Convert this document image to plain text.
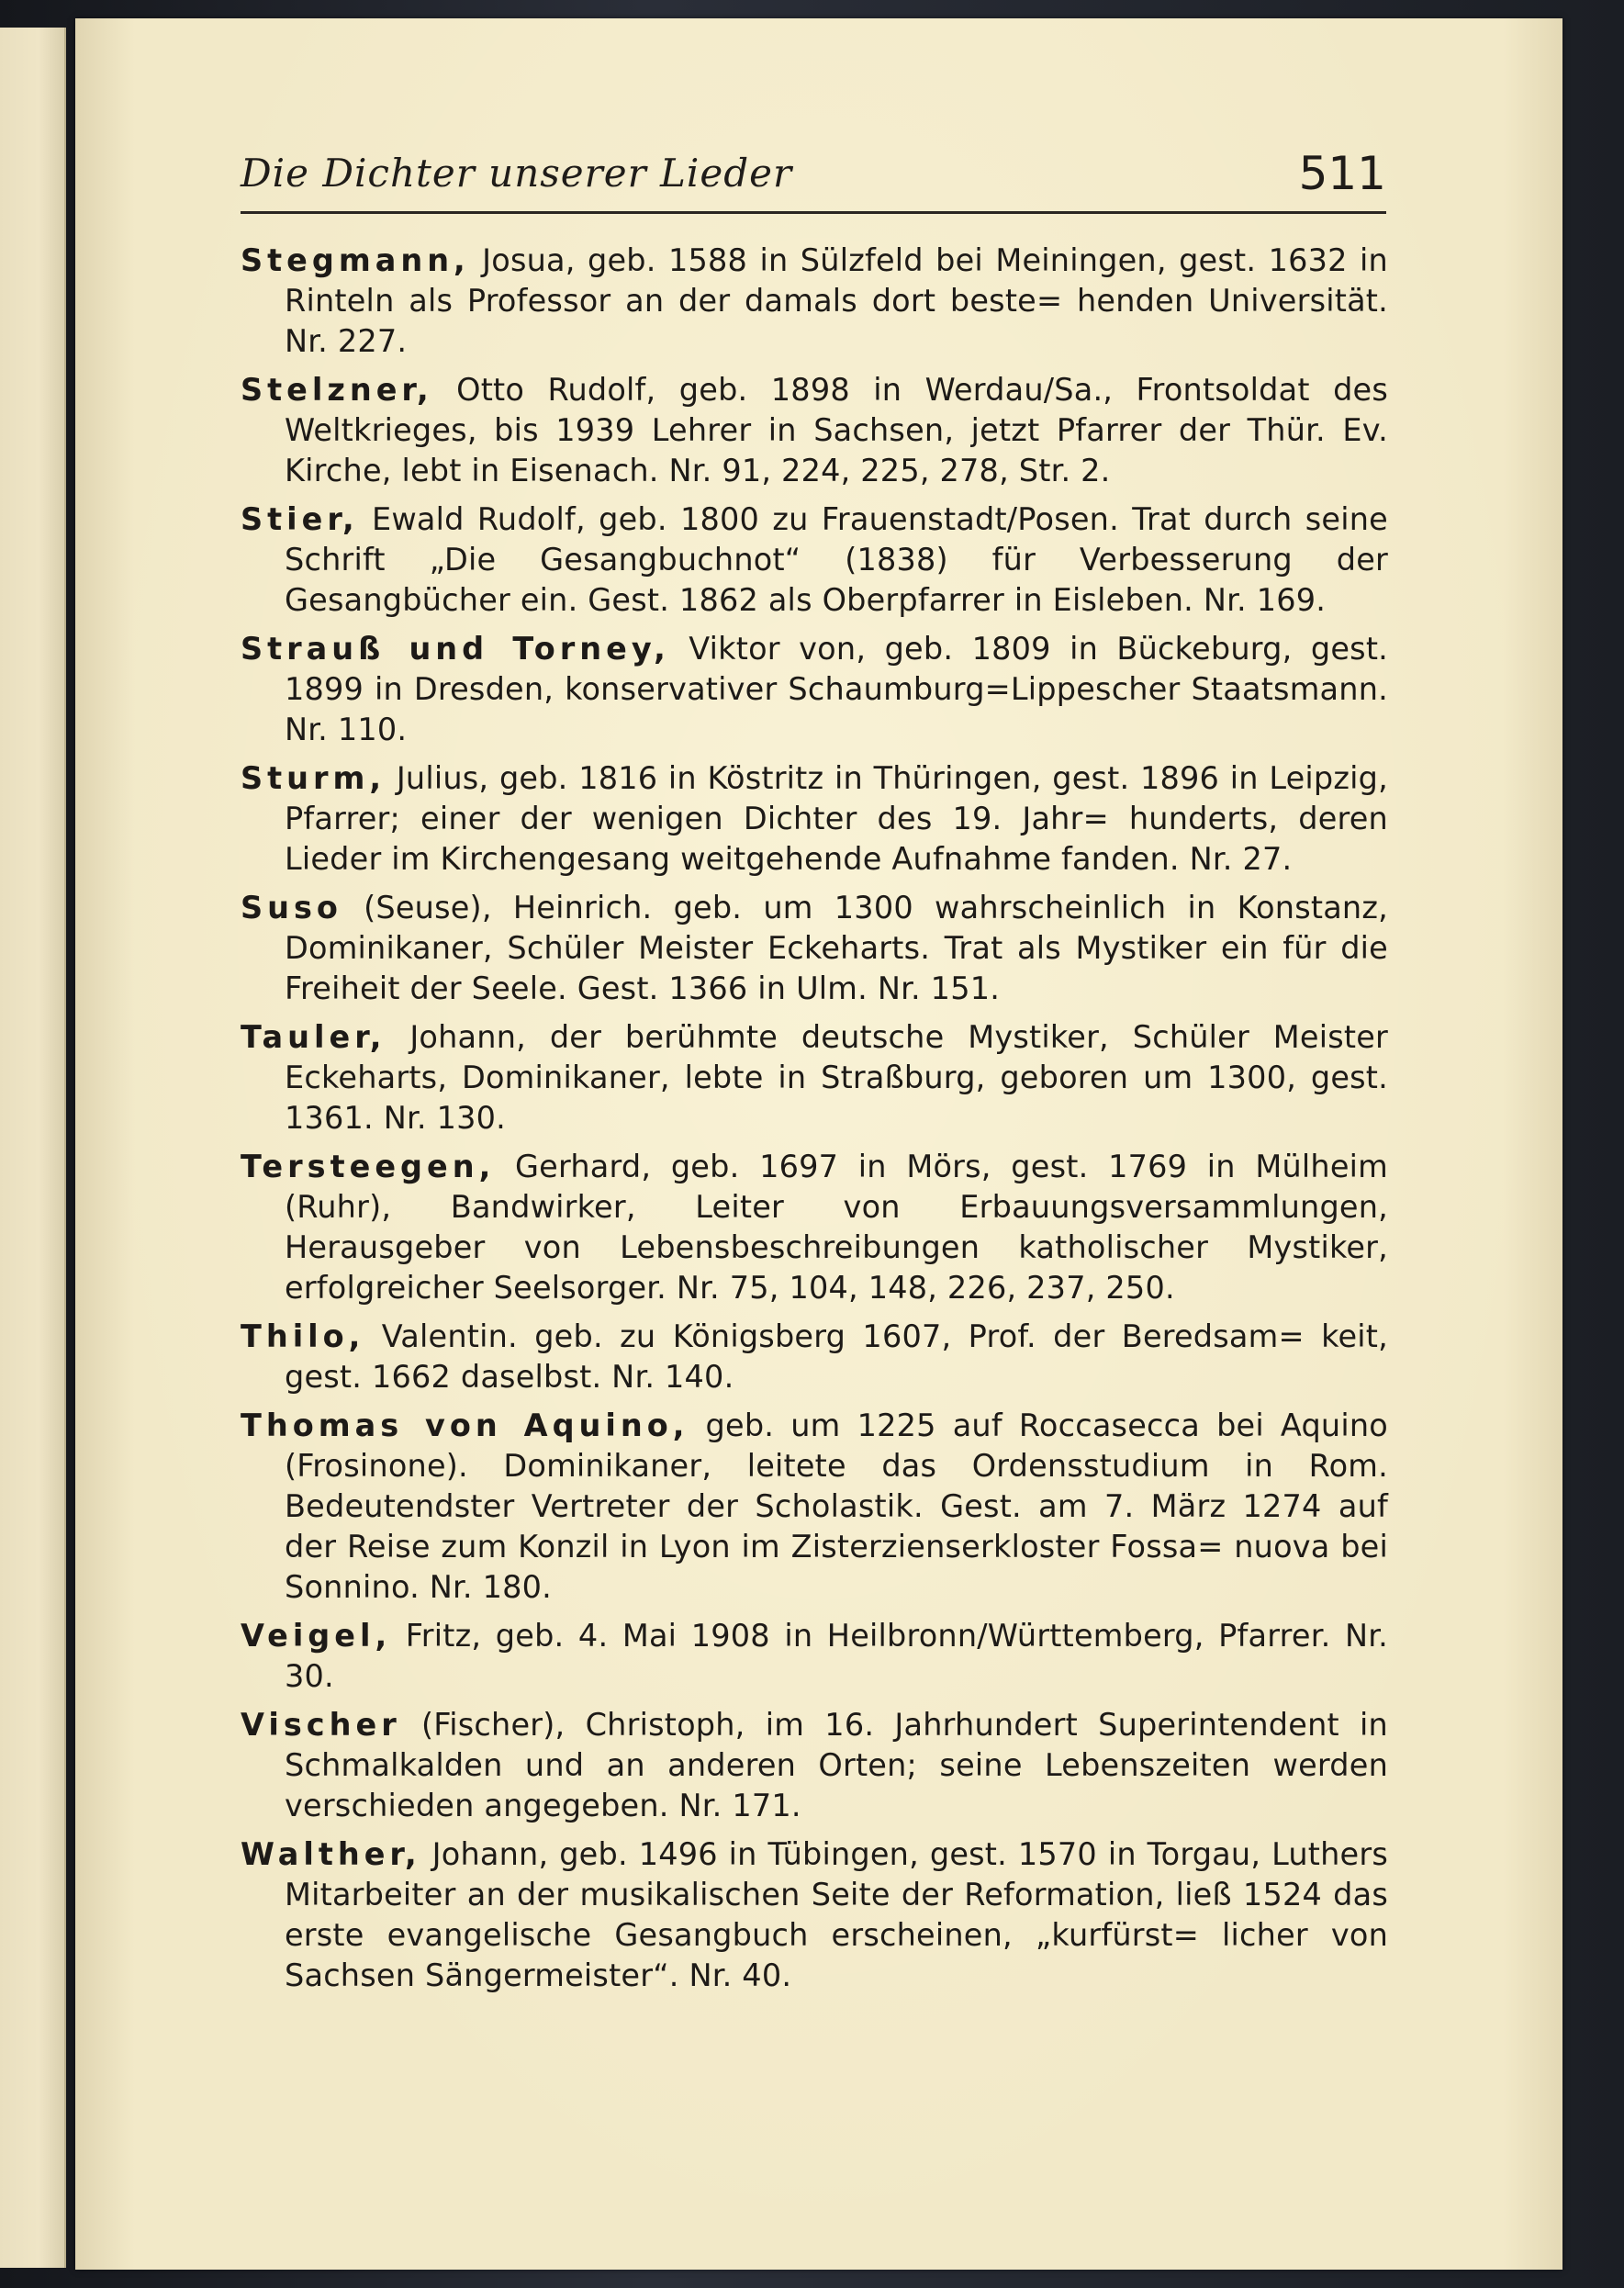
Die Dichter unserer Lieder	511

Stegmann, Josua, geb. 1588 in Sülzfeld bei Meiningen, gest. 1632 in Rinteln als Professor an der damals dort beste= henden Universität. Nr. 227.

Stelzner, Otto Rudolf, geb. 1898 in Werdau/Sa., Frontsoldat des Weltkrieges, bis 1939 Lehrer in Sachsen, jetzt Pfarrer der Thür. Ev. Kirche, lebt in Eisenach. Nr. 91, 224, 225, 278, Str. 2.

Stier, Ewald Rudolf, geb. 1800 zu Frauenstadt/Posen. Trat durch seine Schrift „Die Gesangbuchnot“ (1838) für Verbesserung der Gesangbücher ein. Gest. 1862 als Oberpfarrer in Eisleben. Nr. 169.

Strauß und Torney, Viktor von, geb. 1809 in Bückeburg, gest. 1899 in Dresden, konservativer Schaumburg=Lippescher Staatsmann. Nr. 110.

Sturm, Julius, geb. 1816 in Köstritz in Thüringen, gest. 1896 in Leipzig, Pfarrer; einer der wenigen Dichter des 19. Jahr= hunderts, deren Lieder im Kirchengesang weitgehende Aufnahme fanden. Nr. 27.

Suso (Seuse), Heinrich. geb. um 1300 wahrscheinlich in Konstanz, Dominikaner, Schüler Meister Eckeharts. Trat als Mystiker ein für die Freiheit der Seele. Gest. 1366 in Ulm. Nr. 151.

Tauler, Johann, der berühmte deutsche Mystiker, Schüler Meister Eckeharts, Dominikaner, lebte in Straßburg, geboren um 1300, gest. 1361. Nr. 130.

Tersteegen, Gerhard, geb. 1697 in Mörs, gest. 1769 in Mülheim (Ruhr), Bandwirker, Leiter von Erbauungsversammlungen, Herausgeber von Lebensbeschreibungen katholischer Mystiker, erfolgreicher Seelsorger. Nr. 75, 104, 148, 226, 237, 250.

Thilo, Valentin. geb. zu Königsberg 1607, Prof. der Beredsam= keit, gest. 1662 daselbst. Nr. 140.

Thomas von Aquino, geb. um 1225 auf Roccasecca bei Aquino (Frosinone). Dominikaner, leitete das Ordensstudium in Rom. Bedeutendster Vertreter der Scholastik. Gest. am 7. März 1274 auf der Reise zum Konzil in Lyon im Zisterzienserkloster Fossa= nuova bei Sonnino. Nr. 180.

Veigel, Fritz, geb. 4. Mai 1908 in Heilbronn/Württemberg, Pfarrer. Nr. 30.

Vischer (Fischer), Christoph, im 16. Jahrhundert Superintendent in Schmalkalden und an anderen Orten; seine Lebenszeiten werden verschieden angegeben. Nr. 171.

Walther, Johann, geb. 1496 in Tübingen, gest. 1570 in Torgau, Luthers Mitarbeiter an der musikalischen Seite der Reformation, ließ 1524 das erste evangelische Gesangbuch erscheinen, „kurfürst= licher von Sachsen Sängermeister“. Nr. 40.
